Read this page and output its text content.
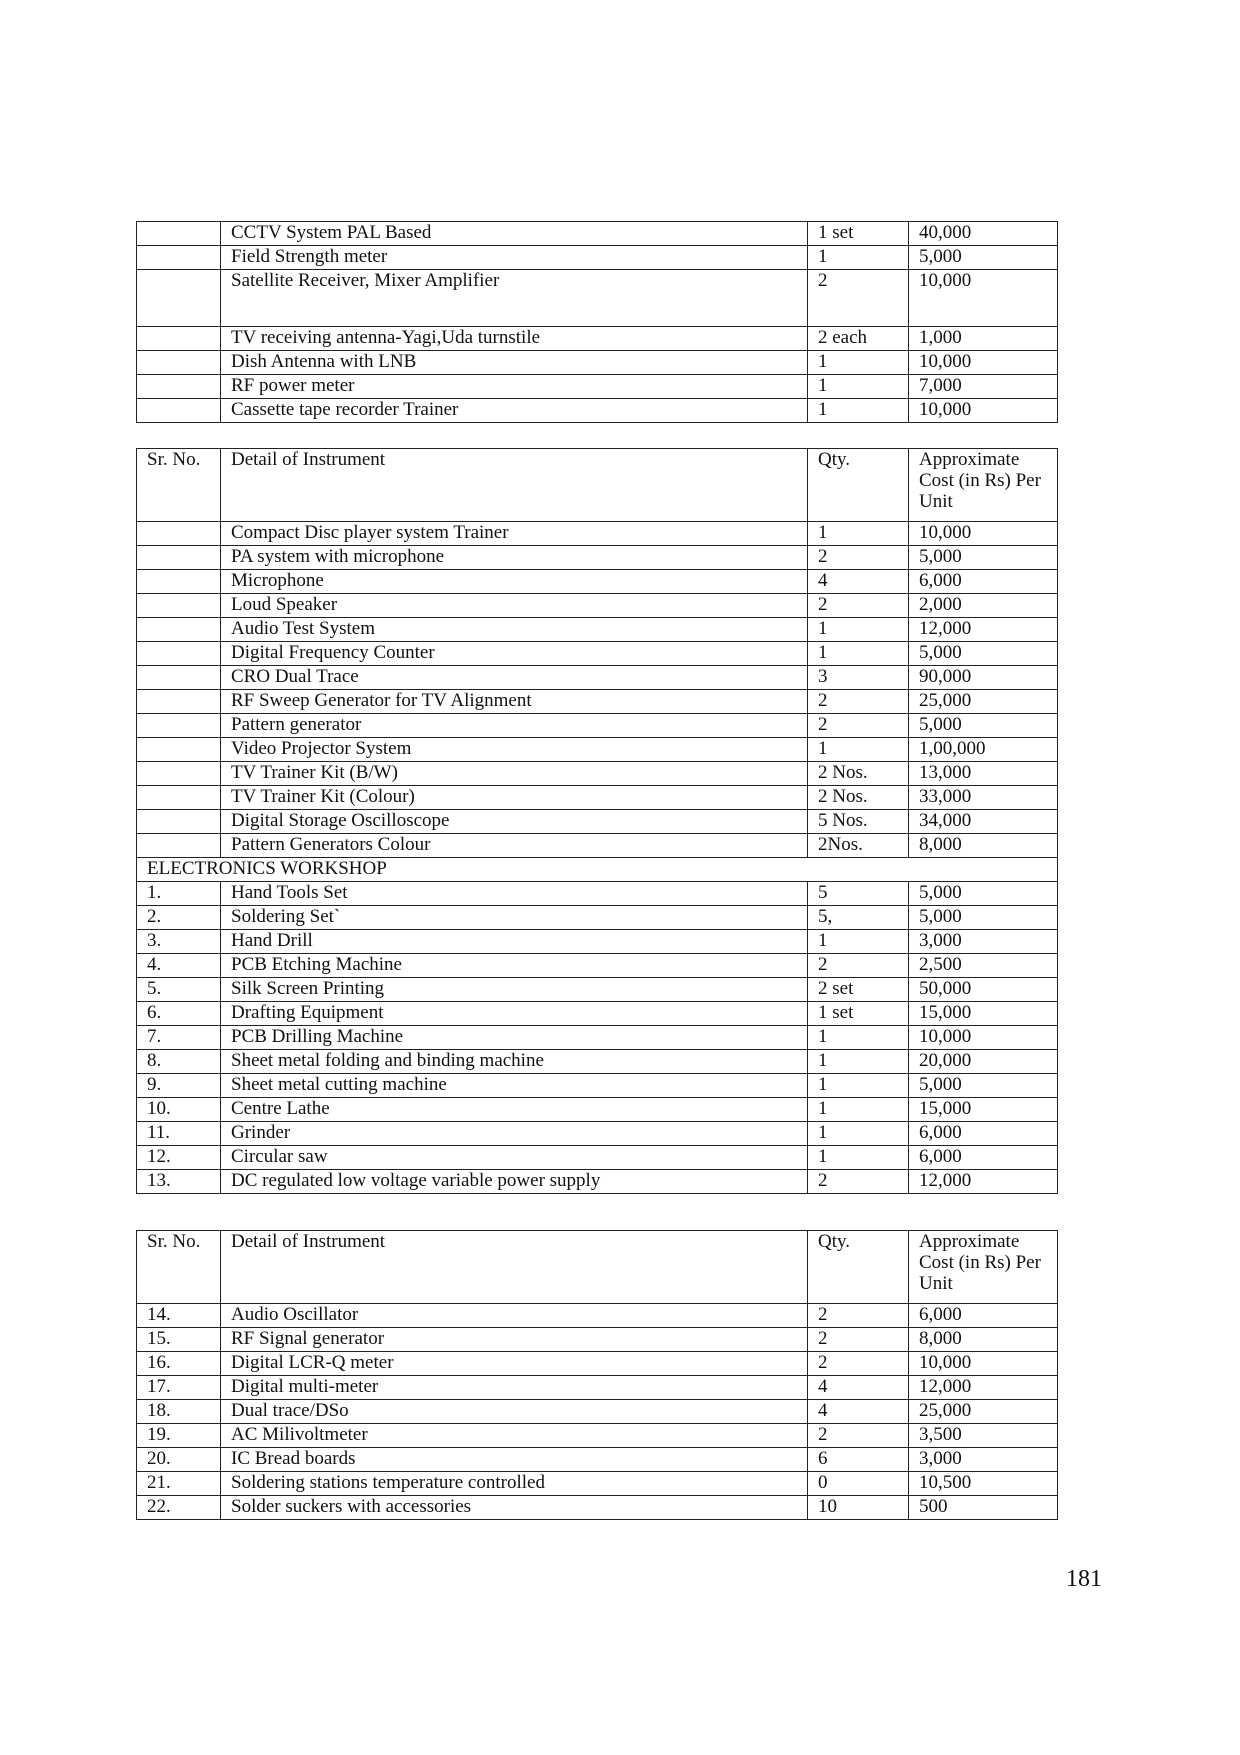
	CCTV System PAL Based	1 set	40,000
	Field Strength meter	1	5,000
	Satellite Receiver, Mixer Amplifier	2	10,000
	TV receiving antenna-Yagi,Uda turnstile	2 each	1,000
	Dish Antenna with LNB	1	10,000
	RF power meter	1	7,000
	Cassette tape recorder Trainer	1	10,000
Sr. No.	Detail of Instrument	Qty.	Approximate Cost (in Rs) Per Unit
	Compact Disc player system Trainer	1	10,000
	PA system with microphone	2	5,000
	Microphone	4	6,000
	Loud Speaker	2	2,000
	Audio Test System	1	12,000
	Digital Frequency Counter	1	5,000
	CRO Dual Trace	3	90,000
	RF Sweep Generator for TV Alignment	2	25,000
	Pattern generator	2	5,000
	Video Projector System	1	1,00,000
	TV Trainer Kit (B/W)	2 Nos.	13,000
	TV Trainer Kit (Colour)	2 Nos.	33,000
	Digital Storage Oscilloscope	5 Nos.	34,000
	Pattern Generators Colour	2Nos.	8,000
ELECTRONICS WORKSHOP			
1.	Hand Tools Set	5	5,000
2.	Soldering Set`	5,	5,000
3.	Hand Drill	1	3,000
4.	PCB Etching Machine	2	2,500
5.	Silk Screen Printing	2 set	50,000
6.	Drafting Equipment	1 set	15,000
7.	PCB Drilling Machine	1	10,000
8.	Sheet metal folding and binding machine	1	20,000
9.	Sheet metal cutting machine	1	5,000
10.	Centre Lathe	1	15,000
11.	Grinder	1	6,000
12.	Circular saw	1	6,000
13.	DC regulated low voltage variable power supply	2	12,000
Sr. No.	Detail of Instrument	Qty.	Approximate Cost (in Rs) Per Unit
14.	Audio Oscillator	2	6,000
15.	RF Signal generator	2	8,000
16.	Digital LCR-Q meter	2	10,000
17.	Digital multi-meter	4	12,000
18.	Dual trace/DSo	4	25,000
19.	AC Milivoltmeter	2	3,500
20.	IC Bread boards	6	3,000
21.	Soldering stations temperature controlled	0	10,500
22.	Solder suckers with accessories	10	500
181
